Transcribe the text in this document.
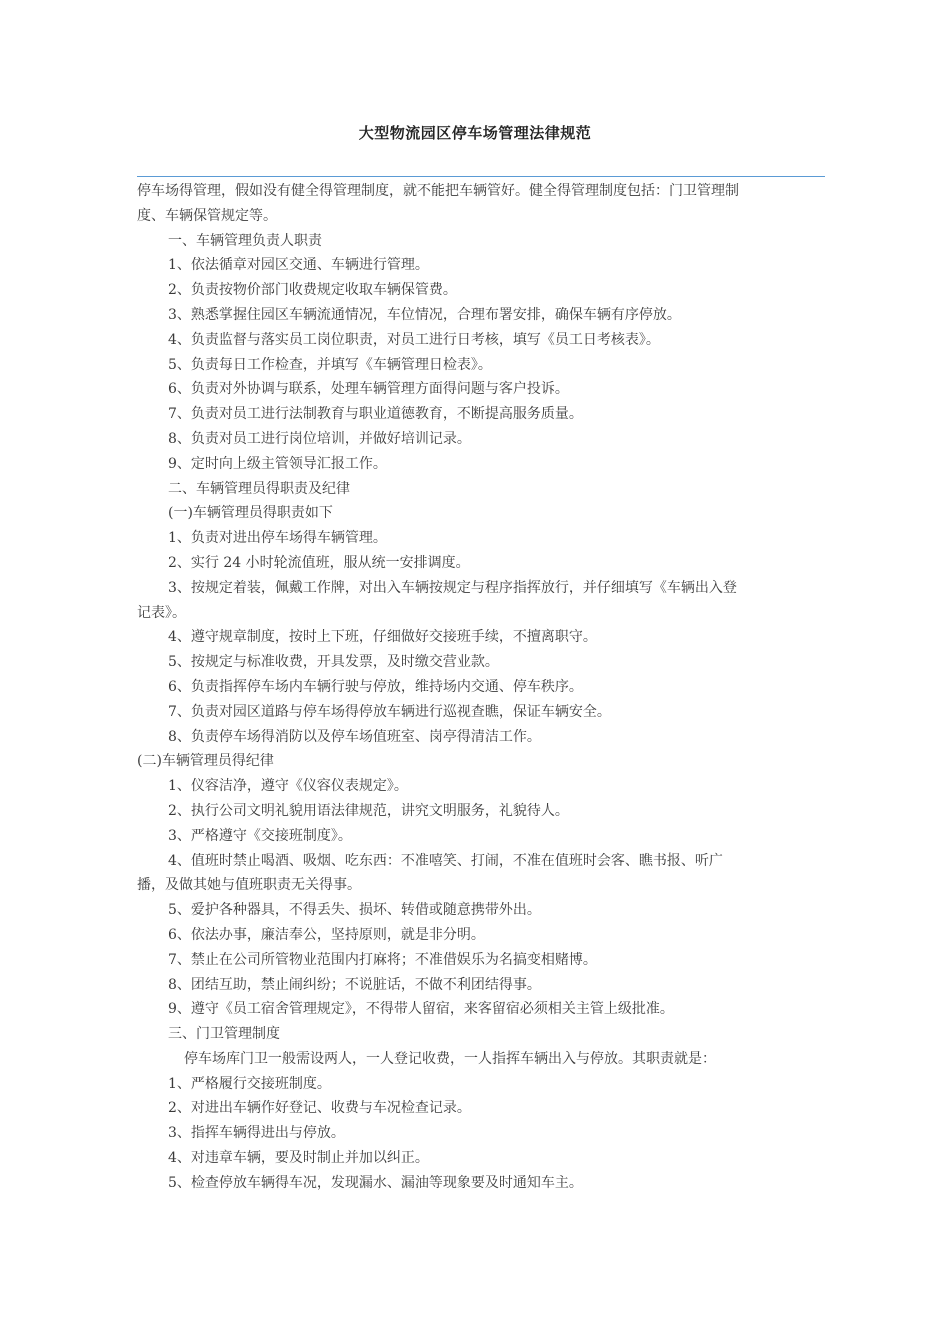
大型物流园区停车场管理法律规范
停车场得管理，假如没有健全得管理制度，就不能把车辆管好。健全得管理制度包括：门卫管理制
度、车辆保管规定等。
一、车辆管理负责人职责
1、依法循章对园区交通、车辆进行管理。
2、负责按物价部门收费规定收取车辆保管费。
3、熟悉掌握住园区车辆流通情况，车位情况，合理布署安排，确保车辆有序停放。
4、负责监督与落实员工岗位职责，对员工进行日考核，填写《员工日考核表》。
5、负责每日工作检查，并填写《车辆管理日检表》。
6、负责对外协调与联系，处理车辆管理方面得问题与客户投诉。
7、负责对员工进行法制教育与职业道德教育，不断提高服务质量。
8、负责对员工进行岗位培训，并做好培训记录。
9、定时向上级主管领导汇报工作。
二、车辆管理员得职责及纪律
(一)车辆管理员得职责如下
1、负责对进出停车场得车辆管理。
2、实行 24 小时轮流值班，服从统一安排调度。
3、按规定着装，佩戴工作牌，对出入车辆按规定与程序指挥放行，并仔细填写《车辆出入登
记表》。
4、遵守规章制度，按时上下班，仔细做好交接班手续，不擅离职守。
5、按规定与标准收费，开具发票，及时缴交营业款。
6、负责指挥停车场内车辆行驶与停放，维持场内交通、停车秩序。
7、负责对园区道路与停车场得停放车辆进行巡视查瞧，保证车辆安全。
8、负责停车场得消防以及停车场值班室、岗亭得清洁工作。
(二)车辆管理员得纪律
1、仪容洁净，遵守《仪容仪表规定》。
2、执行公司文明礼貌用语法律规范，讲究文明服务，礼貌待人。
3、严格遵守《交接班制度》。
4、值班时禁止喝酒、吸烟、吃东西：不准嘻笑、打闹，不准在值班时会客、瞧书报、听广
播，及做其她与值班职责无关得事。
5、爱护各种器具，不得丢失、损坏、转借或随意携带外出。
6、依法办事，廉洁奉公，坚持原则，就是非分明。
7、禁止在公司所管物业范围内打麻将；不准借娱乐为名搞变相赌博。
8、团结互助，禁止闹纠纷；不说脏话，不做不利团结得事。
9、遵守《员工宿舍管理规定》，不得带人留宿，来客留宿必须相关主管上级批准。
三、门卫管理制度
停车场库门卫一般需设两人，一人登记收费，一人指挥车辆出入与停放。其职责就是：
1、严格履行交接班制度。
2、对进出车辆作好登记、收费与车况检查记录。
3、指挥车辆得进出与停放。
4、对违章车辆，要及时制止并加以纠正。
5、检查停放车辆得车况，发现漏水、漏油等现象要及时通知车主。
